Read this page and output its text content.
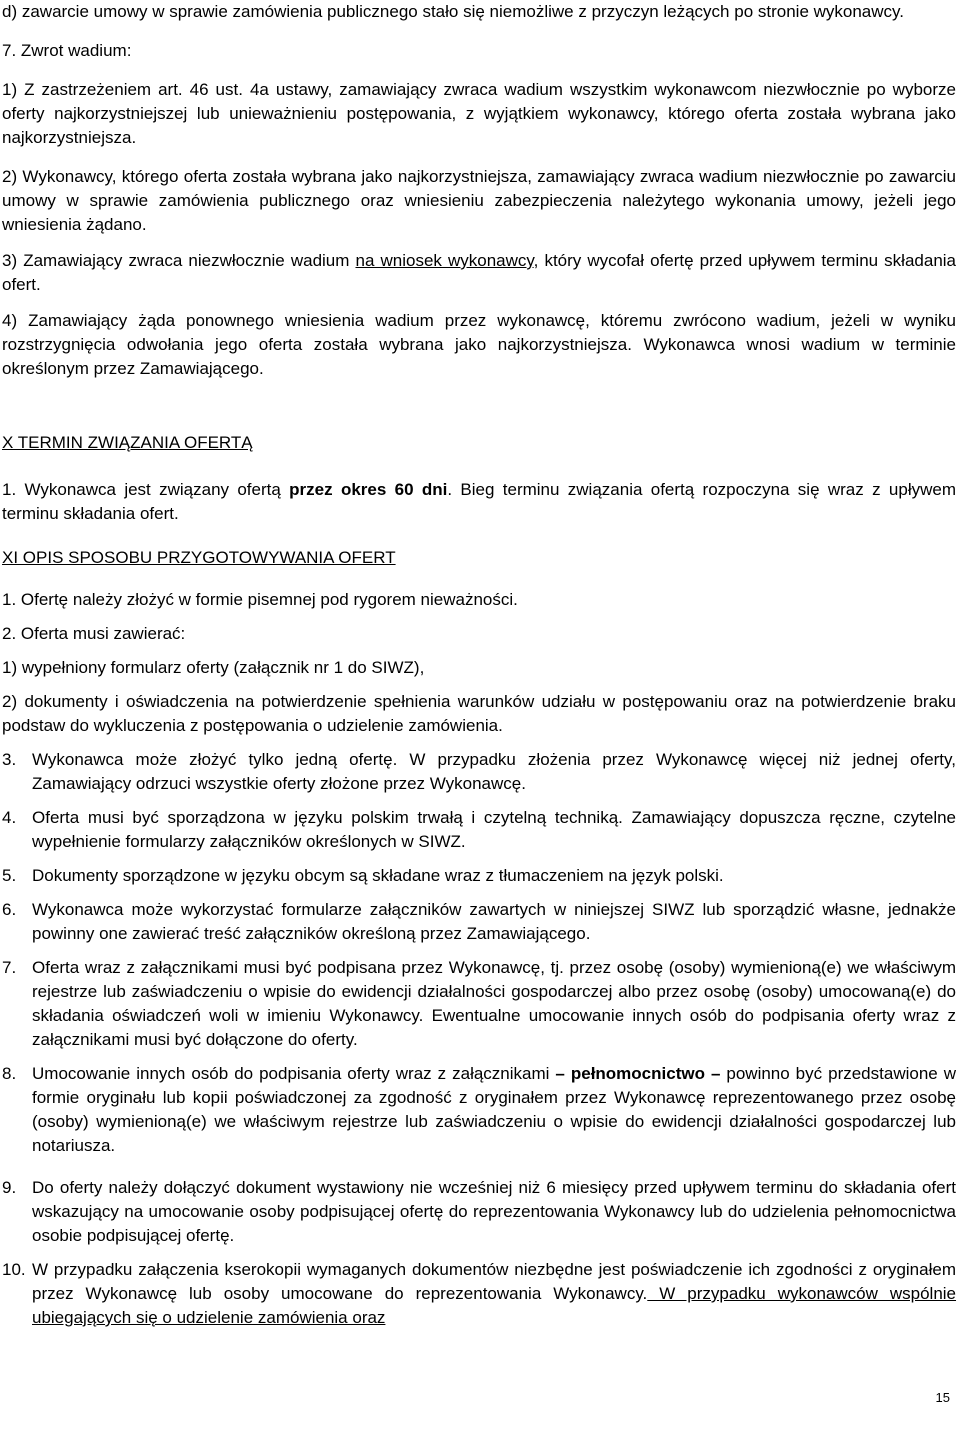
d) zawarcie umowy w sprawie zamówienia publicznego stało się niemożliwe z przyczyn leżących po stronie wykonawcy.

7. Zwrot wadium:

1) Z zastrzeżeniem art. 46 ust. 4a ustawy, zamawiający zwraca wadium wszystkim wykonawcom niezwłocznie po wyborze oferty najkorzystniejszej lub unieważnieniu postępowania, z wyjątkiem wykonawcy, którego oferta została wybrana jako najkorzystniejsza.

2) Wykonawcy, którego oferta została wybrana jako najkorzystniejsza, zamawiający zwraca wadium niezwłocznie po zawarciu umowy w sprawie zamówienia publicznego oraz wniesieniu zabezpieczenia należytego wykonania umowy, jeżeli jego wniesienia żądano.

3) Zamawiający zwraca niezwłocznie wadium na wniosek wykonawcy, który wycofał ofertę przed upływem terminu składania ofert.

4) Zamawiający żąda ponownego wniesienia wadium przez wykonawcę, któremu zwrócono wadium, jeżeli w wyniku rozstrzygnięcia odwołania jego oferta została wybrana jako najkorzystniejsza. Wykonawca wnosi wadium w terminie określonym przez Zamawiającego.

X TERMIN ZWIĄZANIA OFERTĄ

1. Wykonawca jest związany ofertą przez okres 60 dni. Bieg terminu związania ofertą rozpoczyna się wraz z upływem terminu składania ofert.

XI OPIS SPOSOBU PRZYGOTOWYWANIA OFERT

1. Ofertę należy złożyć w formie pisemnej pod rygorem nieważności.

2. Oferta musi zawierać:

1) wypełniony formularz oferty (załącznik nr 1 do SIWZ),

2) dokumenty i oświadczenia na potwierdzenie spełnienia warunków udziału w postępowaniu oraz na potwierdzenie braku podstaw do wykluczenia z postępowania o udzielenie zamówienia.

3. Wykonawca może złożyć tylko jedną ofertę. W przypadku złożenia przez Wykonawcę więcej niż jednej oferty, Zamawiający odrzuci wszystkie oferty złożone przez Wykonawcę.
4. Oferta musi być sporządzona w języku polskim trwałą i czytelną techniką. Zamawiający dopuszcza ręczne, czytelne wypełnienie formularzy załączników określonych w SIWZ.
5. Dokumenty sporządzone w języku obcym są składane wraz z tłumaczeniem na język polski.
6. Wykonawca może wykorzystać formularze załączników zawartych w niniejszej SIWZ lub sporządzić własne, jednakże powinny one zawierać treść załączników określoną przez Zamawiającego.
7. Oferta wraz z załącznikami musi być podpisana przez Wykonawcę, tj. przez osobę (osoby) wymienioną(e) we właściwym rejestrze lub zaświadczeniu o wpisie do ewidencji działalności gospodarczej albo przez osobę (osoby) umocowaną(e) do składania oświadczeń woli w imieniu Wykonawcy. Ewentualne umocowanie innych osób do podpisania oferty wraz z załącznikami musi być dołączone do oferty.
8. Umocowanie innych osób do podpisania oferty wraz z załącznikami – pełnomocnictwo – powinno być przedstawione w formie oryginału lub kopii poświadczonej za zgodność z oryginałem przez Wykonawcę reprezentowanego przez osobę (osoby) wymienioną(e) we właściwym rejestrze lub zaświadczeniu o wpisie do ewidencji działalności gospodarczej lub notariusza.
9. Do oferty należy dołączyć dokument wystawiony nie wcześniej niż 6 miesięcy przed upływem terminu do składania ofert wskazujący na umocowanie osoby podpisującej ofertę do reprezentowania Wykonawcy lub do udzielenia pełnomocnictwa osobie podpisującej ofertę.
10. W przypadku załączenia kserokopii wymaganych dokumentów niezbędne jest poświadczenie ich zgodności z oryginałem przez Wykonawcę lub osoby umocowane do reprezentowania Wykonawcy. W przypadku wykonawców wspólnie ubiegających się o udzielenie zamówienia oraz
15
